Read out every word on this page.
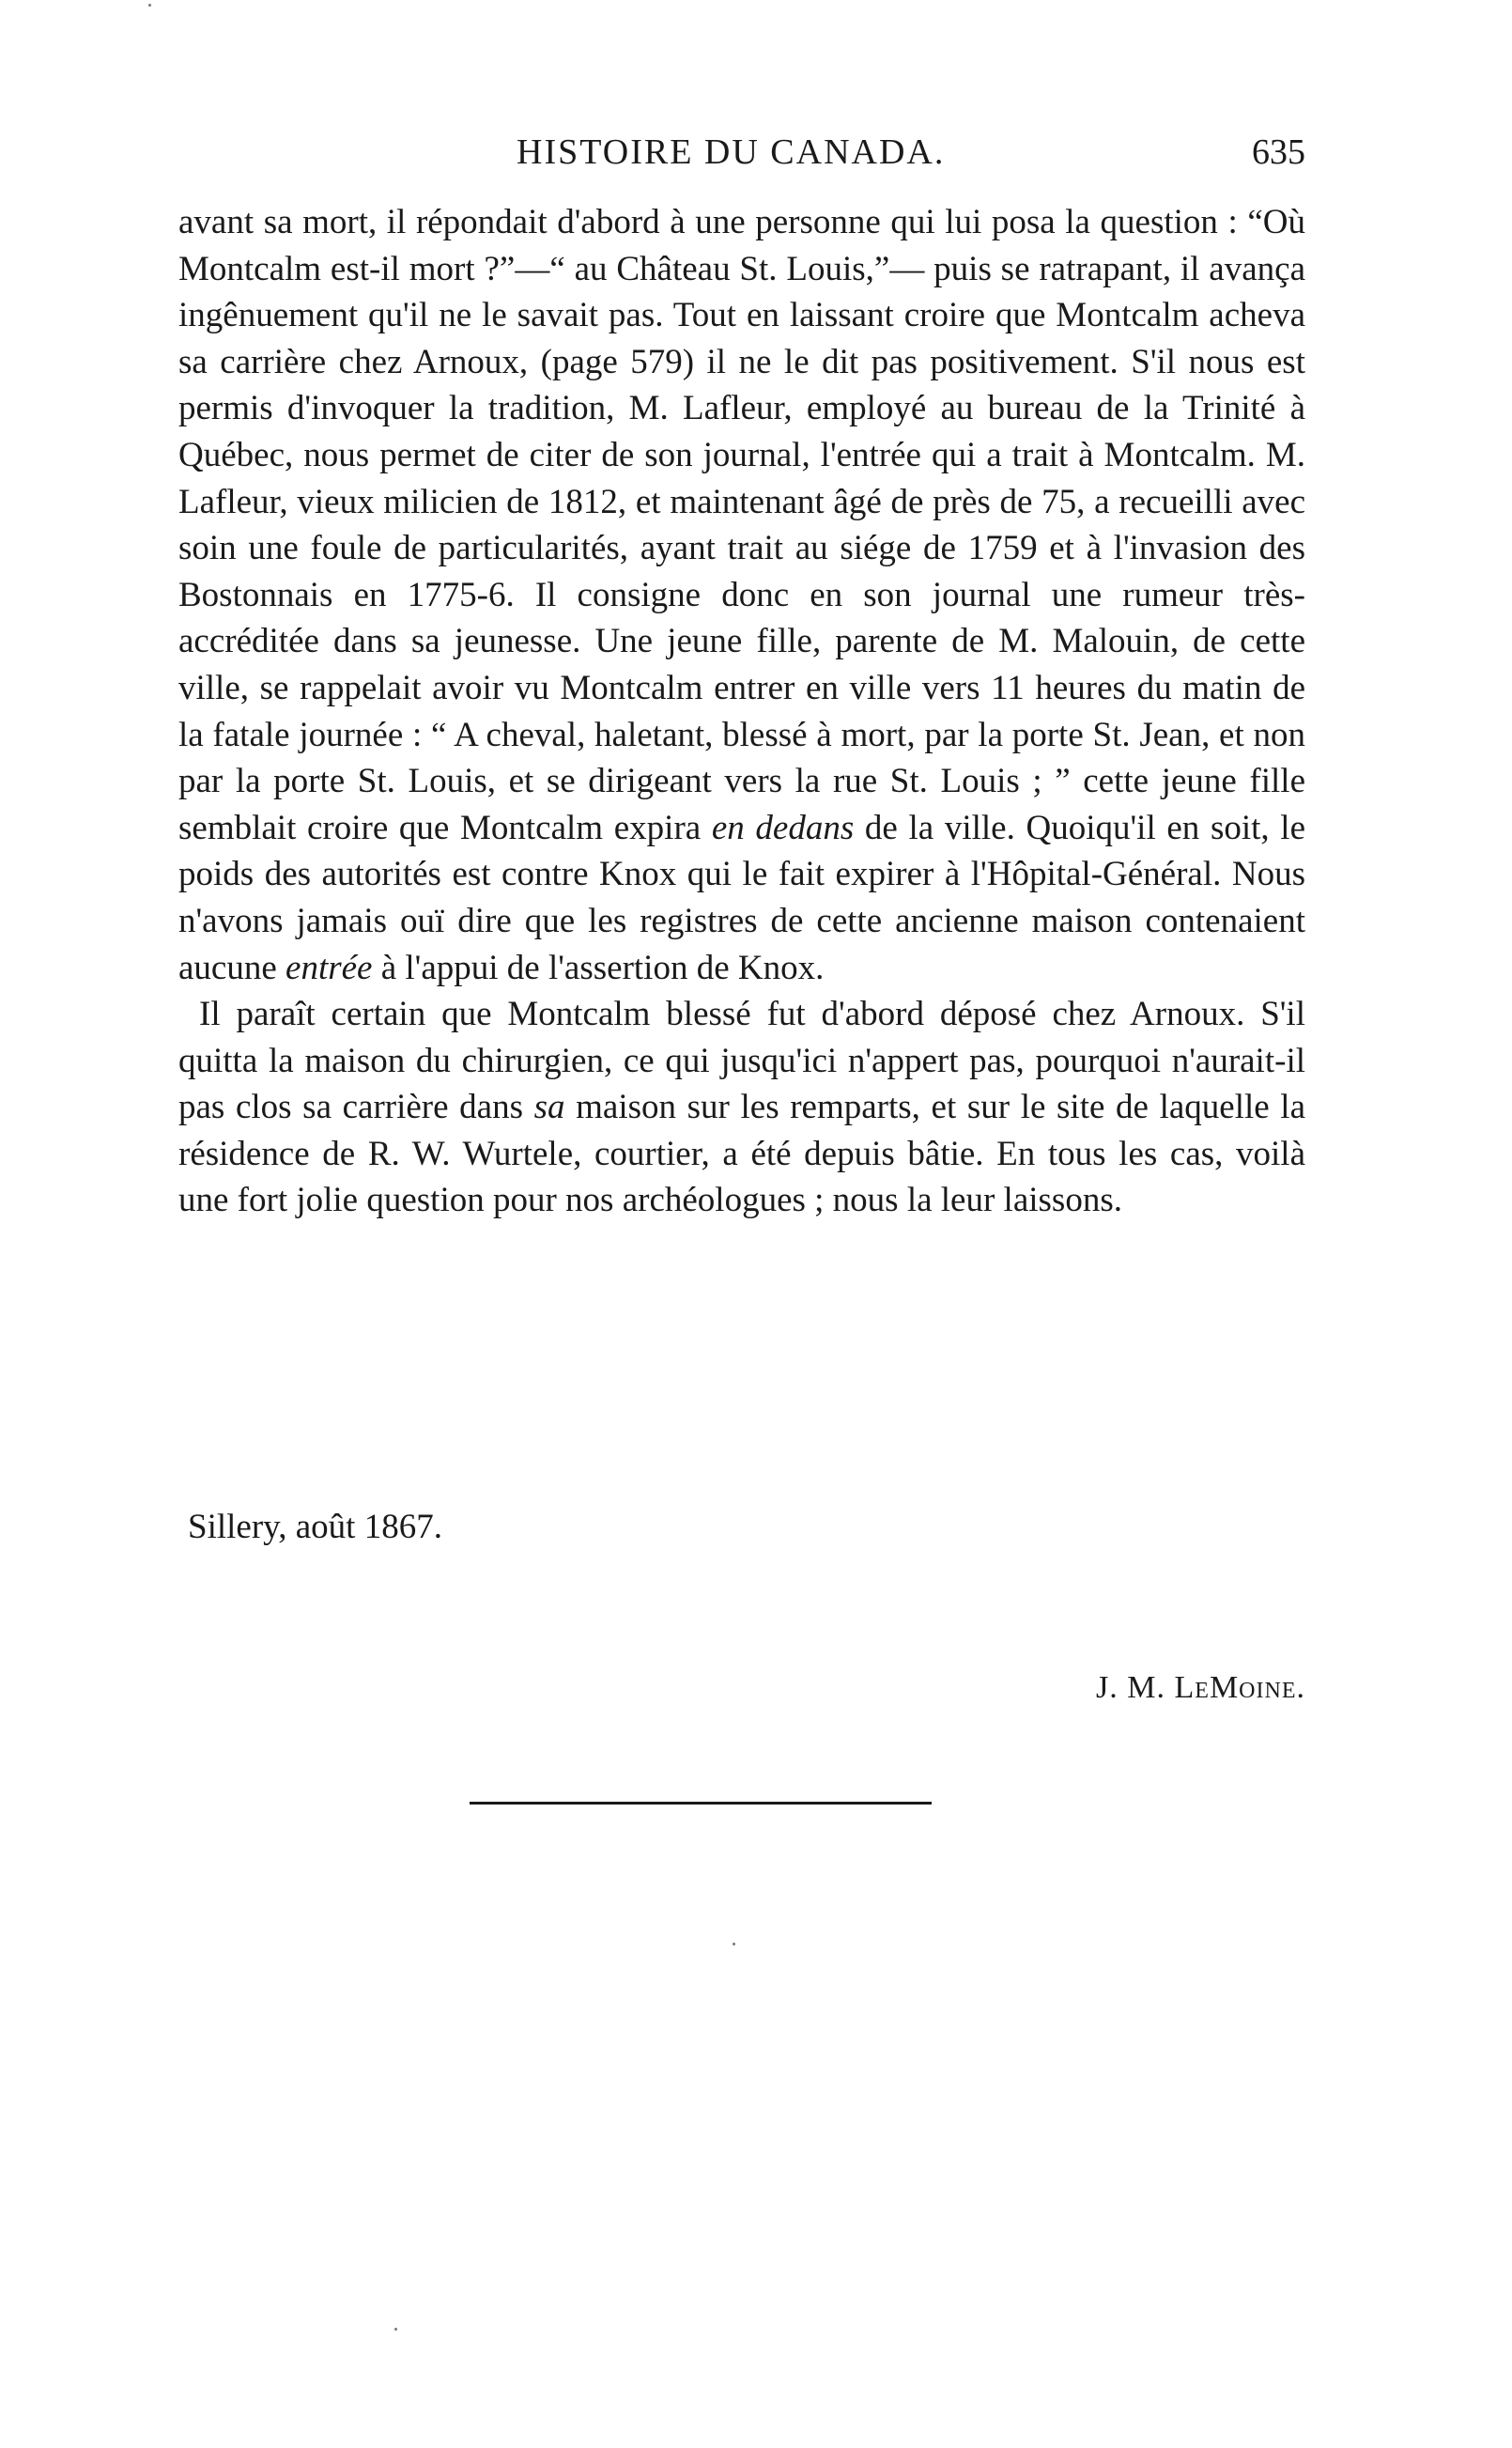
HISTOIRE DU CANADA.	635

avant sa mort, il répondait d'abord à une personne qui lui posa la question : “Où Montcalm est-il mort ?”—“ au Château St. Louis,”— puis se ratrapant, il avança ingênuement qu'il ne le savait pas. Tout en laissant croire que Montcalm acheva sa carrière chez Arnoux, (page 579) il ne le dit pas positivement. S'il nous est permis d'invoquer la tradition, M. Lafleur, employé au bureau de la Trinité à Québec, nous permet de citer de son journal, l'entrée qui a trait à Montcalm. M. Lafleur, vieux milicien de 1812, et maintenant âgé de près de 75, a recueilli avec soin une foule de particularités, ayant trait au siége de 1759 et à l'invasion des Bostonnais en 1775-6. Il consigne donc en son journal une rumeur très-accréditée dans sa jeunesse. Une jeune fille, parente de M. Malouin, de cette ville, se rappelait avoir vu Montcalm entrer en ville vers 11 heures du matin de la fatale journée : “ A cheval, haletant, blessé à mort, par la porte St. Jean, et non par la porte St. Louis, et se dirigeant vers la rue St. Louis ; ” cette jeune fille semblait croire que Montcalm expira en dedans de la ville. Quoiqu'il en soit, le poids des autorités est contre Knox qui le fait expirer à l'Hôpital-Général. Nous n'avons jamais ouï dire que les registres de cette ancienne maison contenaient aucune entrée à l'appui de l'assertion de Knox.

Il paraît certain que Montcalm blessé fut d'abord déposé chez Arnoux. S'il quitta la maison du chirurgien, ce qui jusqu'ici n'appert pas, pourquoi n'aurait-il pas clos sa carrière dans sa maison sur les remparts, et sur le site de laquelle la résidence de R. W. Wurtele, courtier, a été depuis bâtie. En tous les cas, voilà une fort jolie question pour nos archéologues ; nous la leur laissons.

J. M. LeMoine.
Sillery, août 1867.
